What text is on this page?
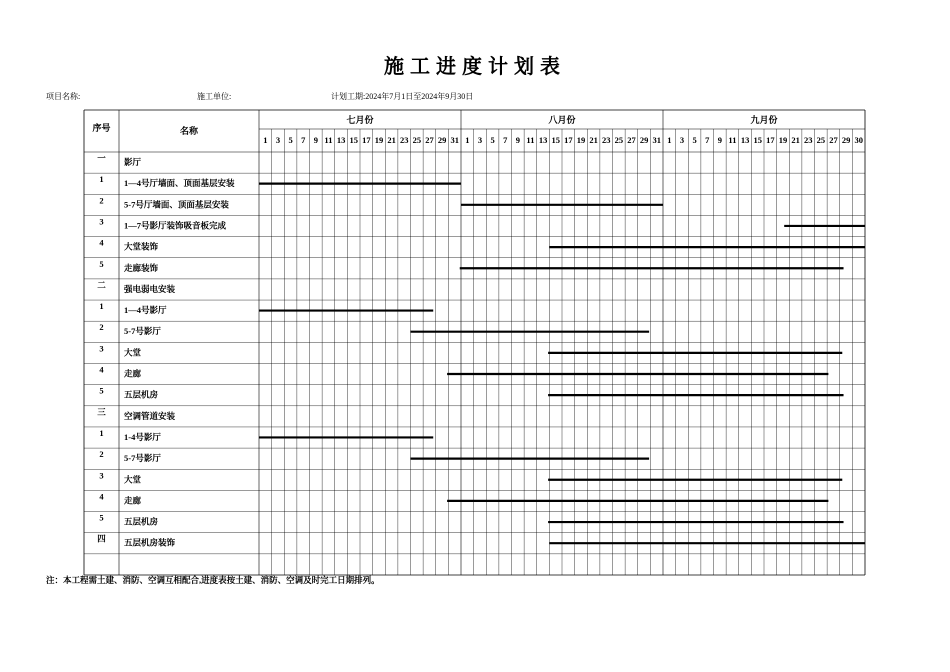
施工进度计划表
项目名称:	施工单位:	计划工期:2024年7月1日至2024年9月30日
序号	名称
七月份
1 3 5 7 9 11 13 15 17 19 21 23 25 27 29 31
八月份
1 3 5 7 9 11 13 15 17 19 21 23 25 27 29 31
九月份
1 3 5 7 9 11 13 15 17 19 21 23 25 27 29 30
一 影厅
1 1—4号厅墙面、顶面基层安装
2 5-7号厅墙面、顶面基层安装
3 1—7号影厅装饰吸音板完成
4 大堂装饰
5 走廊装饰
二 强电弱电安装
1 1—4号影厅
2 5-7号影厅
3 大堂
4 走廊
5 五层机房
三 空调管道安装
1 1-4号影厅
2 5-7号影厅
3 大堂
4 走廊
5 五层机房
四 五层机房装饰
注：本工程需土建、消防、空调互相配合,进度表按土建、消防、空调及时完工日期排列。
